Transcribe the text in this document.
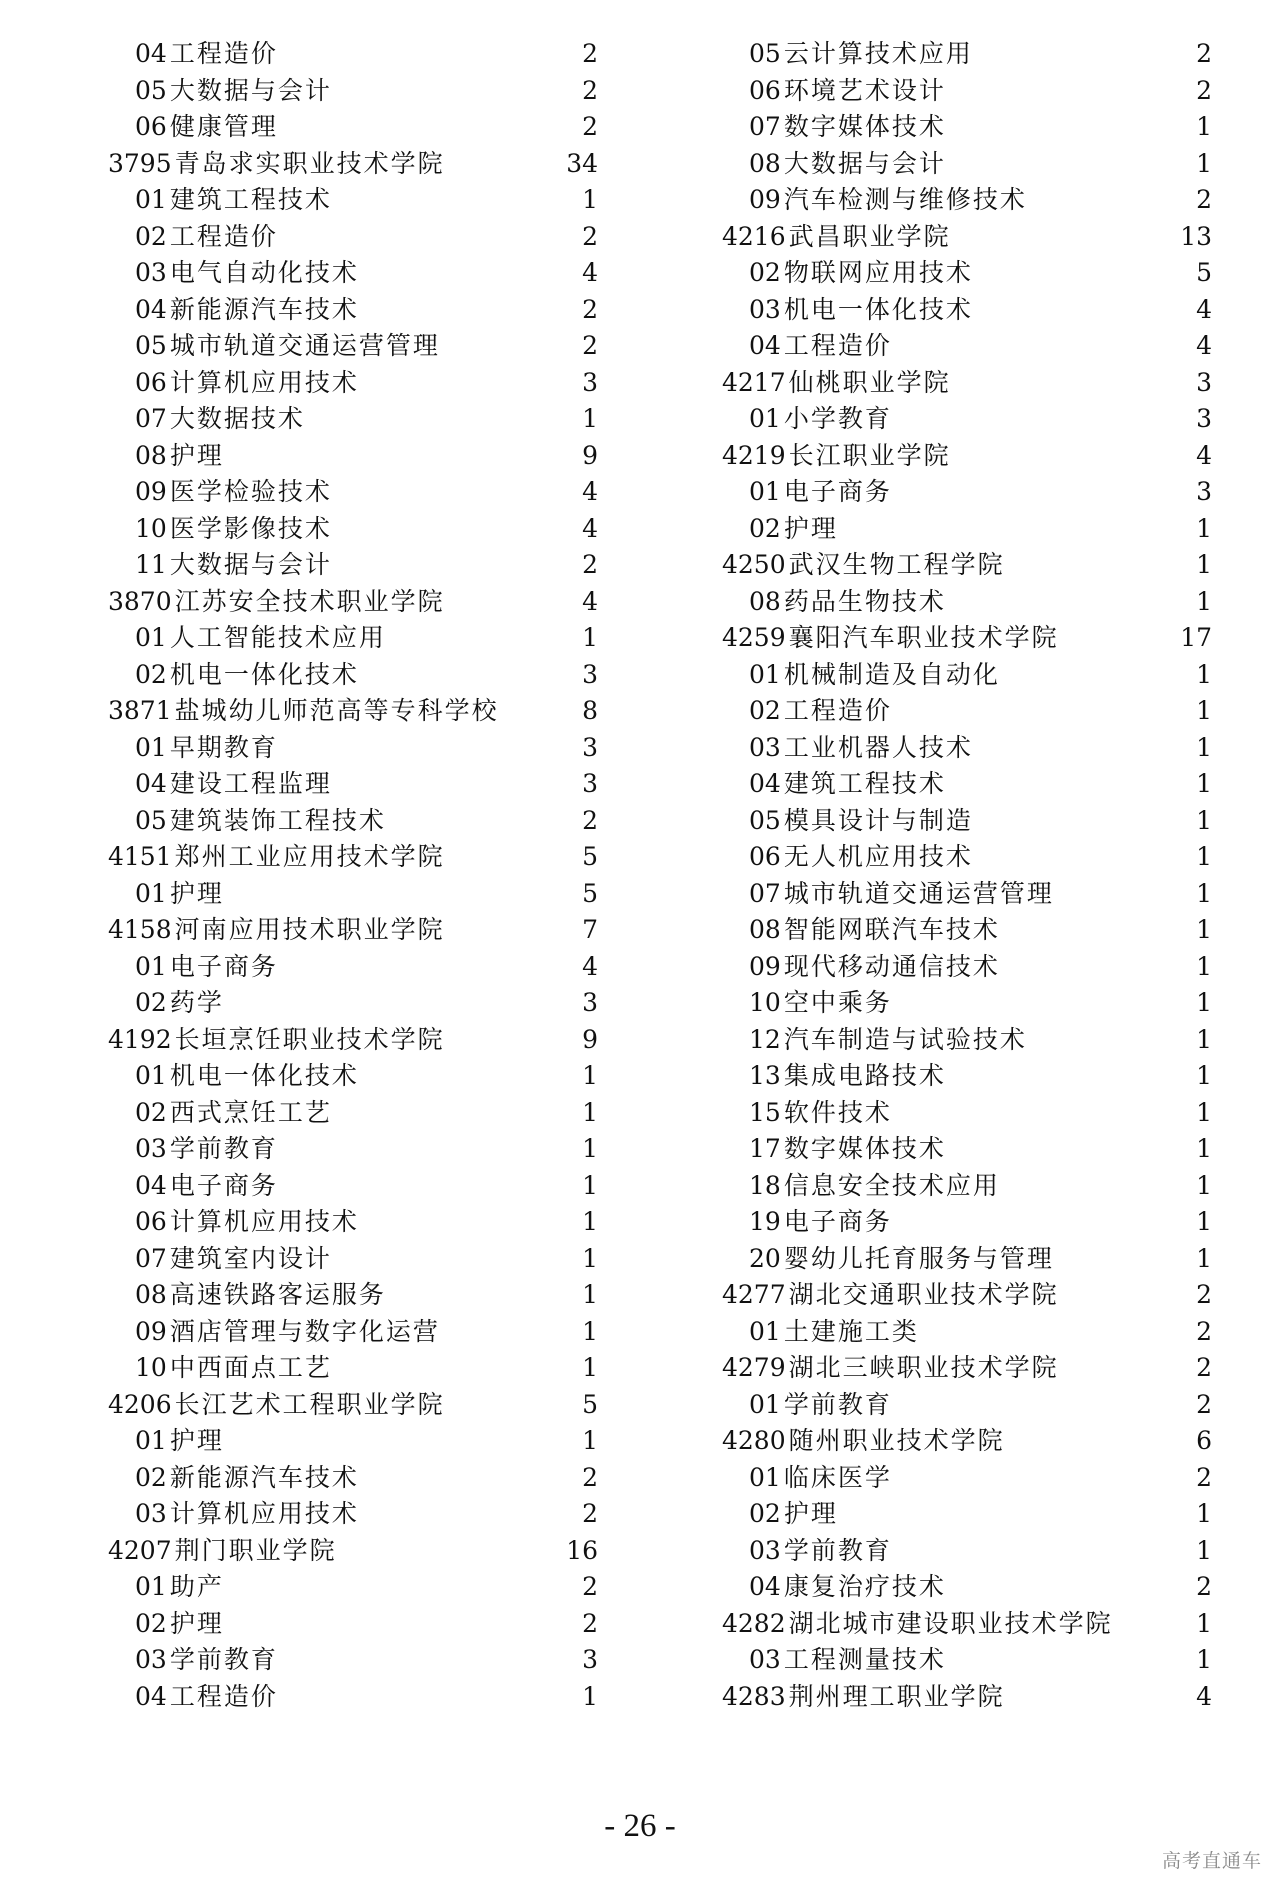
04 工程造价	2
05 大数据与会计	2
06 健康管理	2
3795 青岛求实职业技术学院	34
01 建筑工程技术	1
02 工程造价	2
03 电气自动化技术	4
04 新能源汽车技术	2
05 城市轨道交通运营管理	2
06 计算机应用技术	3
07 大数据技术	1
08 护理	9
09 医学检验技术	4
10 医学影像技术	4
11 大数据与会计	2
3870 江苏安全技术职业学院	4
01 人工智能技术应用	1
02 机电一体化技术	3
3871 盐城幼儿师范高等专科学校	8
01 早期教育	3
04 建设工程监理	3
05 建筑装饰工程技术	2
4151 郑州工业应用技术学院	5
01 护理	5
4158 河南应用技术职业学院	7
01 电子商务	4
02 药学	3
4192 长垣烹饪职业技术学院	9
01 机电一体化技术	1
02 西式烹饪工艺	1
03 学前教育	1
04 电子商务	1
06 计算机应用技术	1
07 建筑室内设计	1
08 高速铁路客运服务	1
09 酒店管理与数字化运营	1
10 中西面点工艺	1
4206 长江艺术工程职业学院	5
01 护理	1
02 新能源汽车技术	2
03 计算机应用技术	2
4207 荆门职业学院	16
01 助产	2
02 护理	2
03 学前教育	3
04 工程造价	1
05 云计算技术应用	2
06 环境艺术设计	2
07 数字媒体技术	1
08 大数据与会计	1
09 汽车检测与维修技术	2
4216 武昌职业学院	13
02 物联网应用技术	5
03 机电一体化技术	4
04 工程造价	4
4217 仙桃职业学院	3
01 小学教育	3
4219 长江职业学院	4
01 电子商务	3
02 护理	1
4250 武汉生物工程学院	1
08 药品生物技术	1
4259 襄阳汽车职业技术学院	17
01 机械制造及自动化	1
02 工程造价	1
03 工业机器人技术	1
04 建筑工程技术	1
05 模具设计与制造	1
06 无人机应用技术	1
07 城市轨道交通运营管理	1
08 智能网联汽车技术	1
09 现代移动通信技术	1
10 空中乘务	1
12 汽车制造与试验技术	1
13 集成电路技术	1
15 软件技术	1
17 数字媒体技术	1
18 信息安全技术应用	1
19 电子商务	1
20 婴幼儿托育服务与管理	1
4277 湖北交通职业技术学院	2
01 土建施工类	2
4279 湖北三峡职业技术学院	2
01 学前教育	2
4280 随州职业技术学院	6
01 临床医学	2
02 护理	1
03 学前教育	1
04 康复治疗技术	2
4282 湖北城市建设职业技术学院	1
03 工程测量技术	1
4283 荆州理工职业学院	4
- 26 -
高考直通车
